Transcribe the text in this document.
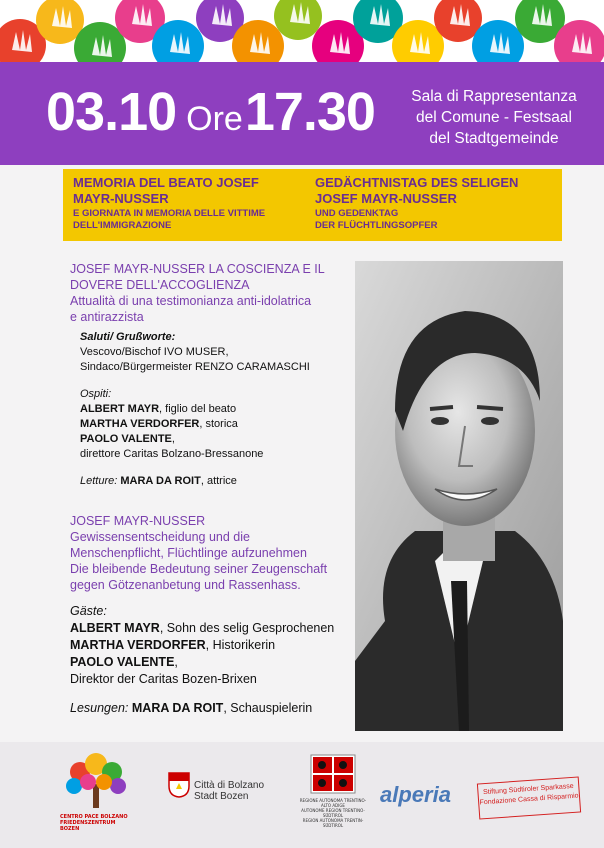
03.10 Ore17.30	Sala di Rappresentanza
del Comune - Festsaal
del Stadtgemeinde
MEMORIA DEL BEATO JOSEF
MAYR-NUSSER
E GIORNATA IN MEMORIA DELLE VITTIME
DELL'IMMIGRAZIONE
GEDÄCHTNISTAG DES SELIGEN
JOSEF MAYR-NUSSER
UND GEDENKTAG
DER FLÜCHTLINGSOPFER
JOSEF MAYR-NUSSER LA COSCIENZA E IL
DOVERE DELL'ACCOGLIENZA
Attualità di una testimonianza anti-idolatrica
e antirazzista
Saluti/ Grußworte:
Vescovo/Bischof IVO MUSER,
Sindaco/Bürgermeister RENZO CARAMASCHI
Ospiti:
ALBERT MAYR, figlio del beato
MARTHA VERDORFER, storica
PAOLO VALENTE,
direttore Caritas Bolzano-Bressanone
Letture: MARA DA ROIT, attrice
JOSEF MAYR-NUSSER
Gewissensentscheidung und die
Menschenpflicht, Flüchtlinge aufzunehmen
Die bleibende Bedeutung seiner Zeugenschaft
gegen Götzenanbetung und Rassenhass.
Gäste:
ALBERT MAYR, Sohn des selig Gesprochenen
MARTHA VERDORFER, Historikerin
PAOLO VALENTE,
Direktor der Caritas Bozen-Brixen
Lesungen: MARA DA ROIT, Schauspielerin
CENTRO PACE BOLZANO
FRIEDENSZENTRUM BOZEN
Città di Bolzano
Stadt Bozen	REGIONE AUTONOMA TRENTINO-ALTO ADIGE
AUTONOME REGION TRENTINO-SÜDTIROL
REGION AUTONOMA TRENTIN-SÜDTIROL
alperia	Stiftung Südtiroler Sparkasse
Fondazione Cassa di Risparmio
